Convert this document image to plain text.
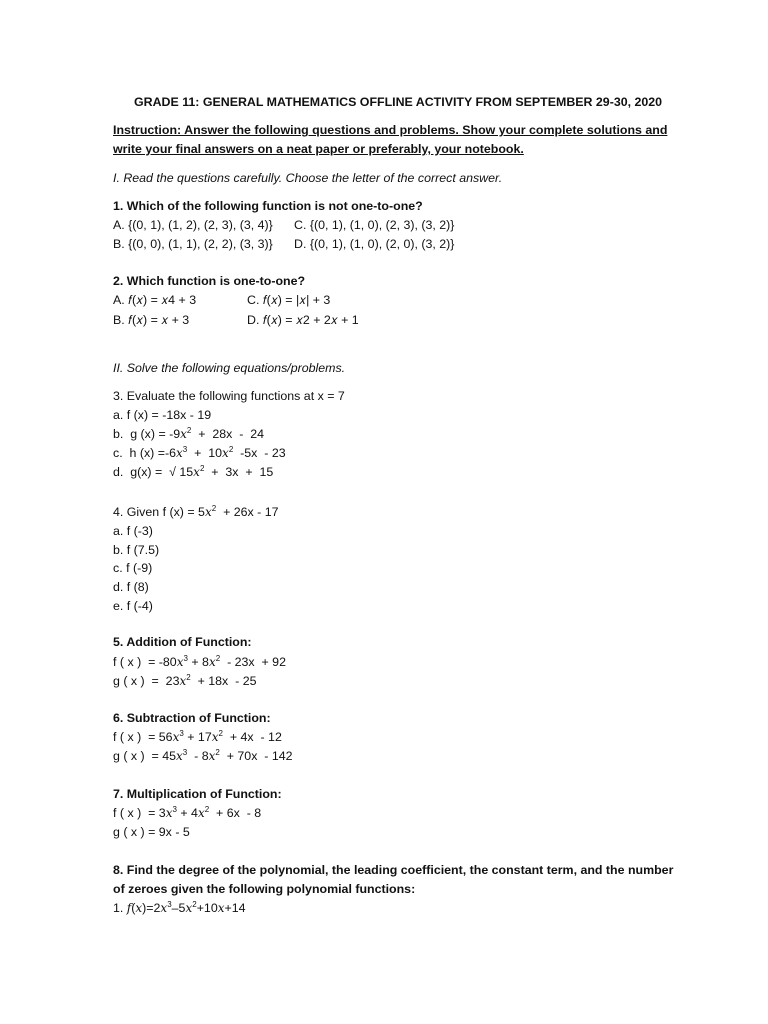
GRADE 11: GENERAL MATHEMATICS OFFLINE ACTIVITY FROM SEPTEMBER 29-30, 2020
Instruction: Answer the following questions and problems. Show your complete solutions and
write your final answers on a neat paper or preferably, your notebook.
I. Read the questions carefully. Choose the letter of the correct answer.
1. Which of the following function is not one-to-one?
A. {(0, 1), (1, 2), (2, 3), (3, 4)}
B. {(0, 0), (1, 1), (2, 2), (3, 3)}
C. {(0, 1), (1, 0), (2, 3), (3, 2)}
D. {(0, 1), (1, 0), (2, 0), (3, 2)}
2. Which function is one-to-one?
A. 𝑓(𝑥) = 𝑥4 + 3
B. 𝑓(𝑥) = 𝑥 + 3
C. 𝑓(𝑥) = |𝑥| + 3
D. 𝑓(𝑥) = 𝑥2 + 2𝑥 + 1
II. Solve the following equations/problems.
3. Evaluate the following functions at x = 7
a. f (x) = -18x - 19
b.  g $(x) = -9x^2 + 28x - 24$
c.  h $(x) =-6x^3 + 10x^2$  -5x  - 23
d.  g(x) =  √ $15x^2 + 3x + 15$
4. Given f $(x) = 5x^2 + 26x - 17$
a. f (-3)
b. f (7.5)
c. f (-9)
d. f (8)
e. f (-4)
5. Addition of Function:
f ( x )  = $-80x^3 + 8x^2 - 23x + 92$
g ( x )  =  $23x^2 + 18x - 25$
6. Subtraction of Function:
f ( x )  = $56x^3 + 17x^2 + 4x - 12$
g ( x )  = $45x^3 - 8x^2 + 70x - 142$
7. Multiplication of Function:
f ( x )  = $3x^3 + 4x^2 + 6x - 8$
g ( x ) = 9x - 5
8. Find the degree of the polynomial, the leading coefficient, the constant term, and the number
of zeroes given the following polynomial functions:
1. $f(x)=2x^3-5x^2+10x+14$
